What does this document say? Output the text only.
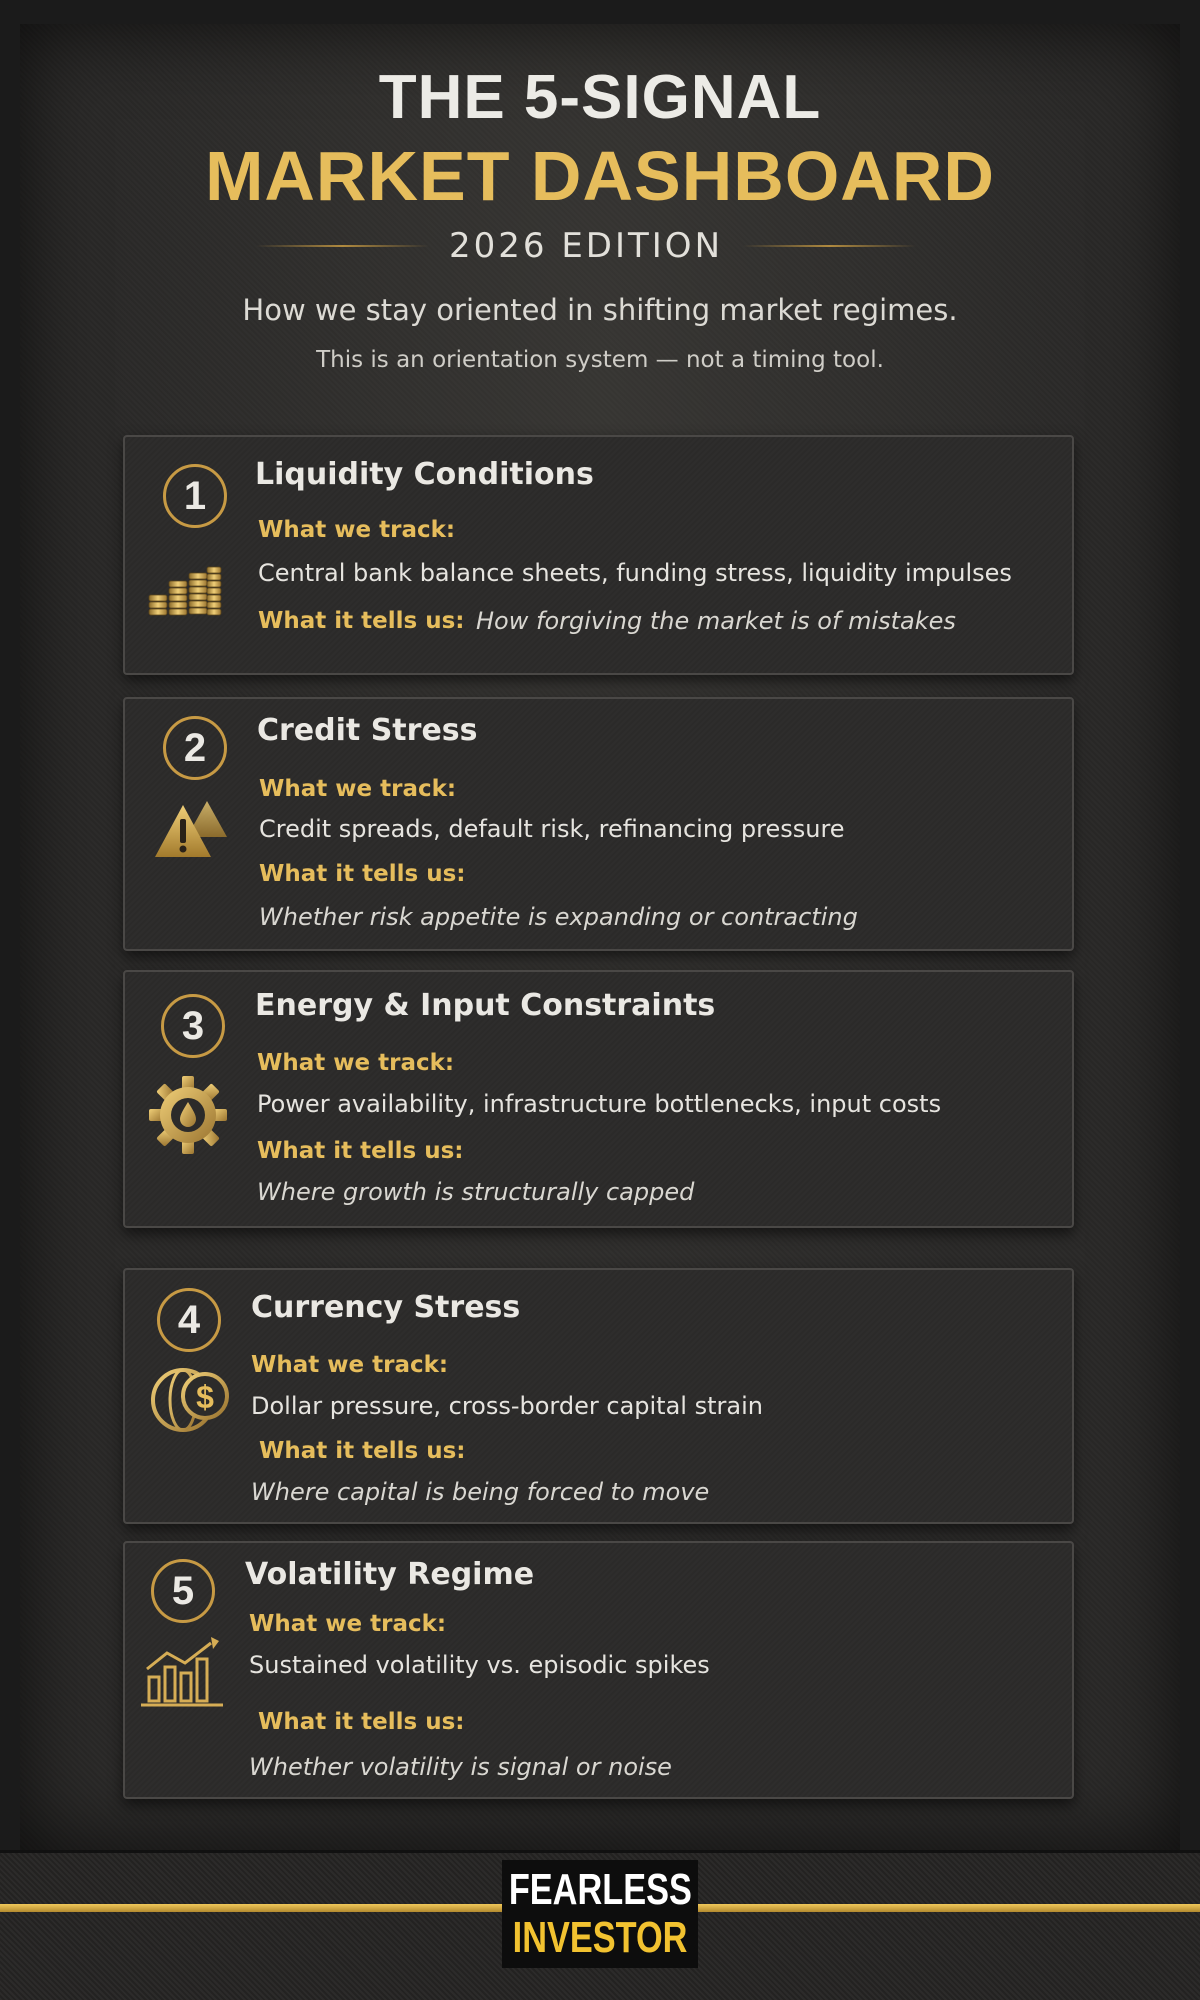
THE 5-SIGNAL
MARKET DASHBOARD
2026 EDITION
How we stay oriented in shifting market regimes.
This is an orientation system — not a timing tool.
1 Liquidity Conditions
What we track:
Central bank balance sheets, funding stress, liquidity impulses
What it tells us: How forgiving the market is of mistakes
2 Credit Stress
What we track:
Credit spreads, default risk, refinancing pressure
What it tells us:
Whether risk appetite is expanding or contracting
3 Energy & Input Constraints
What we track:
Power availability, infrastructure bottlenecks, input costs
What it tells us:
Where growth is structurally capped
4
$
Currency Stress
What we track:
Dollar pressure, cross-border capital strain
What it tells us:
Where capital is being forced to move
5 Volatility Regime
What we track:
Sustained volatility vs. episodic spikes
What it tells us:
Whether volatility is signal or noise
FEARLESS
INVESTOR
